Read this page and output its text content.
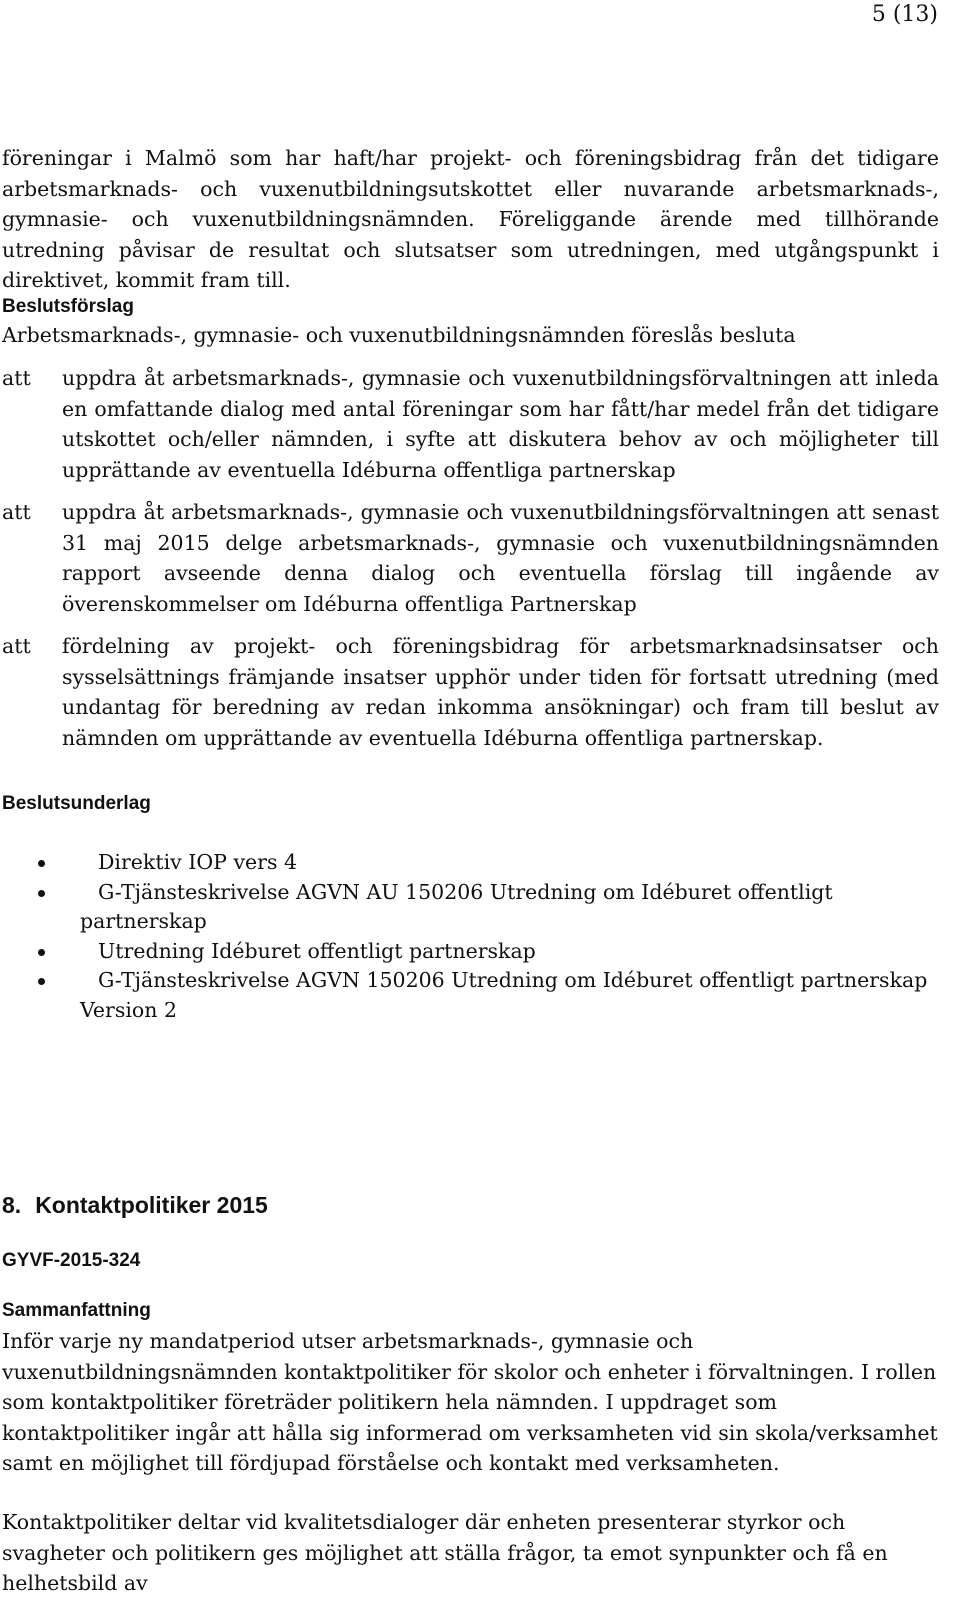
5 (13)

föreningar i Malmö som har haft/har projekt- och föreningsbidrag från det tidigare arbetsmarknads- och vuxenutbildningsutskottet eller nuvarande arbetsmarknads-, gymnasie- och vuxenutbildningsnämnden. Föreliggande ärende med tillhörande utredning påvisar de resultat och slutsatser som utredningen, med utgångspunkt i direktivet, kommit fram till.

Beslutsförslag

Arbetsmarknads-, gymnasie- och vuxenutbildningsnämnden föreslås besluta

att uppdra åt arbetsmarknads-, gymnasie och vuxenutbildningsförvaltningen att inleda en omfattande dialog med antal föreningar som har fått/har medel från det tidigare utskottet och/eller nämnden, i syfte att diskutera behov av och möjligheter till upprättande av eventuella Idéburna offentliga partnerskap

att uppdra åt arbetsmarknads-, gymnasie och vuxenutbildningsförvaltningen att senast 31 maj 2015 delge arbetsmarknads-, gymnasie och vuxenutbildningsnämnden rapport avseende denna dialog och eventuella förslag till ingående av överenskommelser om Idéburna offentliga Partnerskap

att fördelning av projekt- och föreningsbidrag för arbetsmarknadsinsatser och sysselsättnings främjande insatser upphör under tiden för fortsatt utredning (med undantag för beredning av redan inkomma ansökningar) och fram till beslut av nämnden om upprättande av eventuella Idéburna offentliga partnerskap.

Beslutsunderlag
Direktiv IOP vers 4
G-Tjänsteskrivelse AGVN AU 150206 Utredning om Idéburet offentligt partnerskap
Utredning Idéburet offentligt partnerskap
G-Tjänsteskrivelse AGVN 150206 Utredning om Idéburet offentligt partnerskap Version 2
8. Kontaktpolitiker 2015
GYVF-2015-324
Sammanfattning

Inför varje ny mandatperiod utser arbetsmarknads-, gymnasie och vuxenutbildningsnämnden kontaktpolitiker för skolor och enheter i förvaltningen. I rollen som kontaktpolitiker företräder politikern hela nämnden. I uppdraget som kontaktpolitiker ingår att hålla sig informerad om verksamheten vid sin skola/verksamhet samt en möjlighet till fördjupad förståelse och kontakt med verksamheten.

Kontaktpolitiker deltar vid kvalitetsdialoger där enheten presenterar styrkor och svagheter och politikern ges möjlighet att ställa frågor, ta emot synpunkter och få en helhetsbild av
